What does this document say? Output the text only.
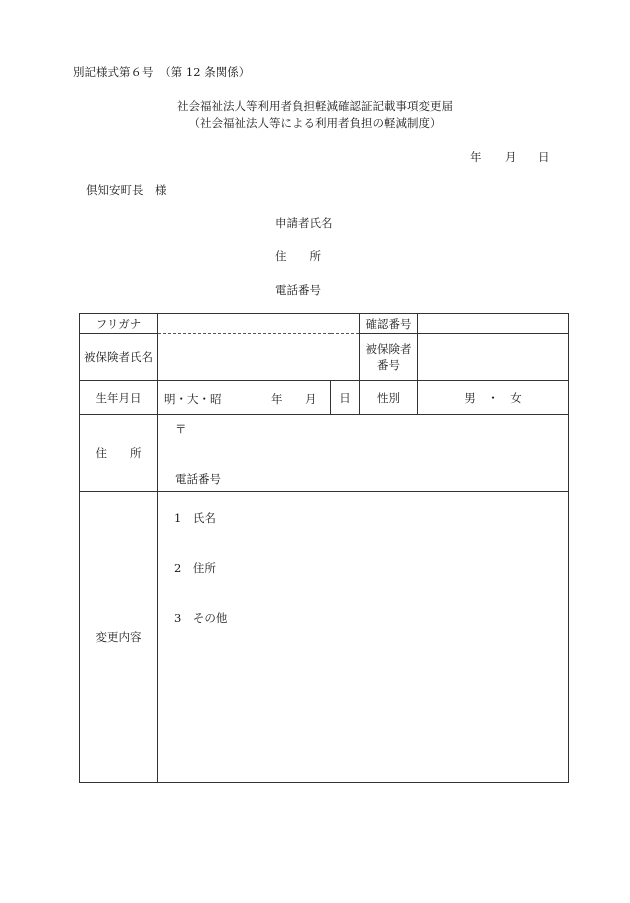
別記様式第６号　（第 12 条関係）
社会福祉法人等利用者負担軽減確認証記載事項変更届
（社会福祉法人等による利用者負担の軽減制度）
年 月 日
倶知安町長　様
申請者氏名
住　　所
電話番号
フリガナ			確認番号	
被保険者氏名			被保険者番号	
生年月日	明・大・昭 年 月	日	性別	男　・　女
住　　所	〒
電話番号			

変更内容	1　氏名
2　住所
3　その他			
